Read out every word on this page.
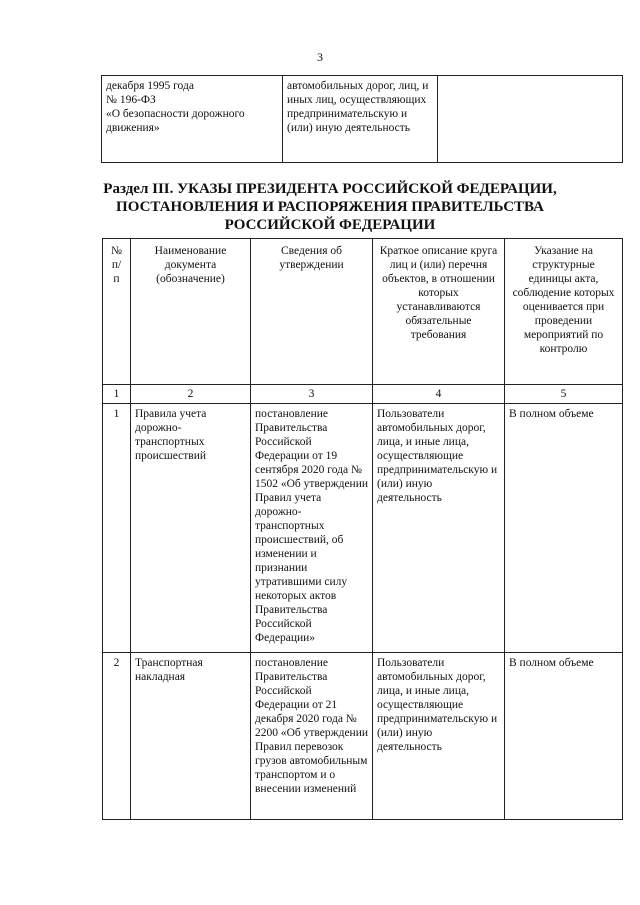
3
декабря 1995 года
№ 196-ФЗ
«О безопасности дорожного движения»	автомобильных дорог, лиц, и иных лиц, осуществляющих предпринимательскую и (или) иную деятельность	
Раздел III. УКАЗЫ ПРЕЗИДЕНТА РОССИЙСКОЙ ФЕДЕРАЦИИ, ПОСТАНОВЛЕНИЯ И РАСПОРЯЖЕНИЯ ПРАВИТЕЛЬСТВА РОССИЙСКОЙ ФЕДЕРАЦИИ
№ п/п	Наименование документа (обозначение)	Сведения об утверждении	Краткое описание круга лиц и (или) перечня объектов, в отношении которых устанавливаются обязательные требования	Указание на структурные единицы акта, соблюдение которых оценивается при проведении мероприятий по контролю
1	2	3	4	5
1	Правила учета дорожно-транспортных происшествий	постановление Правительства Российской Федерации от 19 сентября 2020 года № 1502 «Об утверждении Правил учета дорожно-транспортных происшествий, об изменении и признании утратившими силу некоторых актов Правительства Российской Федерации»	Пользователи автомобильных дорог, лица, и иные лица, осуществляющие предпринимательскую и (или) иную деятельность	В полном объеме
2	Транспортная накладная	постановление Правительства Российской Федерации от 21 декабря 2020 года № 2200 «Об утверждении Правил перевозок грузов автомобильным транспортом и о внесении изменений	Пользователи автомобильных дорог, лица, и иные лица, осуществляющие предпринимательскую и (или) иную деятельность	В полном объеме
